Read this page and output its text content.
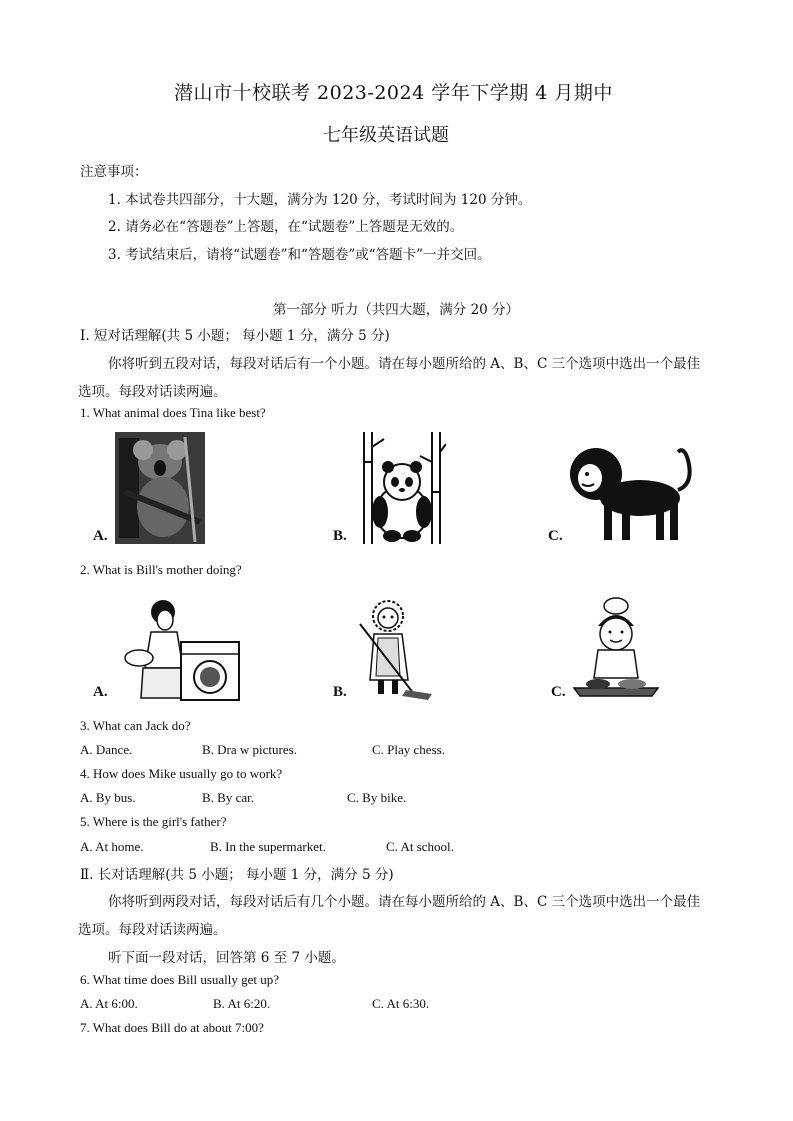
潜山市十校联考 2023-2024 学年下学期 4 月期中
七年级英语试题
注意事项：
1. 本试卷共四部分，十大题，满分为 120 分，考试时间为 120 分钟。
2. 请务必在“答题卷”上答题，在“试题卷”上答题是无效的。
3. 考试结束后，请将“试题卷”和“答题卷”或“答题卡”一并交回。
第一部分 听力（共四大题，满分 20 分）
Ⅰ. 短对话理解(共 5 小题； 每小题 1 分，满分 5 分)
你将听到五段对话，每段对话后有一个小题。请在每小题所给的 A、B、C 三个选项中选出一个最佳
选项。每段对话读两遍。
1. What animal does Tina like best?
A.	B.	C.
2. What is Bill's mother doing?
A.	B.	C.
3. What can Jack do?
A. Dance.	B. Dra w pictures.	C. Play chess.
4. How does Mike usually go to work?
A. By bus.	B. By car.	C. By bike.
5. Where is the girl's father?
A. At home.	B. In the supermarket.	C. At school.
Ⅱ. 长对话理解(共 5 小题； 每小题 1 分，满分 5 分)
你将听到两段对话，每段对话后有几个小题。请在每小题所给的 A、B、C 三个选项中选出一个最佳
选项。每段对话读两遍。
听下面一段对话，回答第 6 至 7 小题。
6. What time does Bill usually get up?
A. At 6:00.	B. At 6:20.	C. At 6:30.
7. What does Bill do at about 7:00?
